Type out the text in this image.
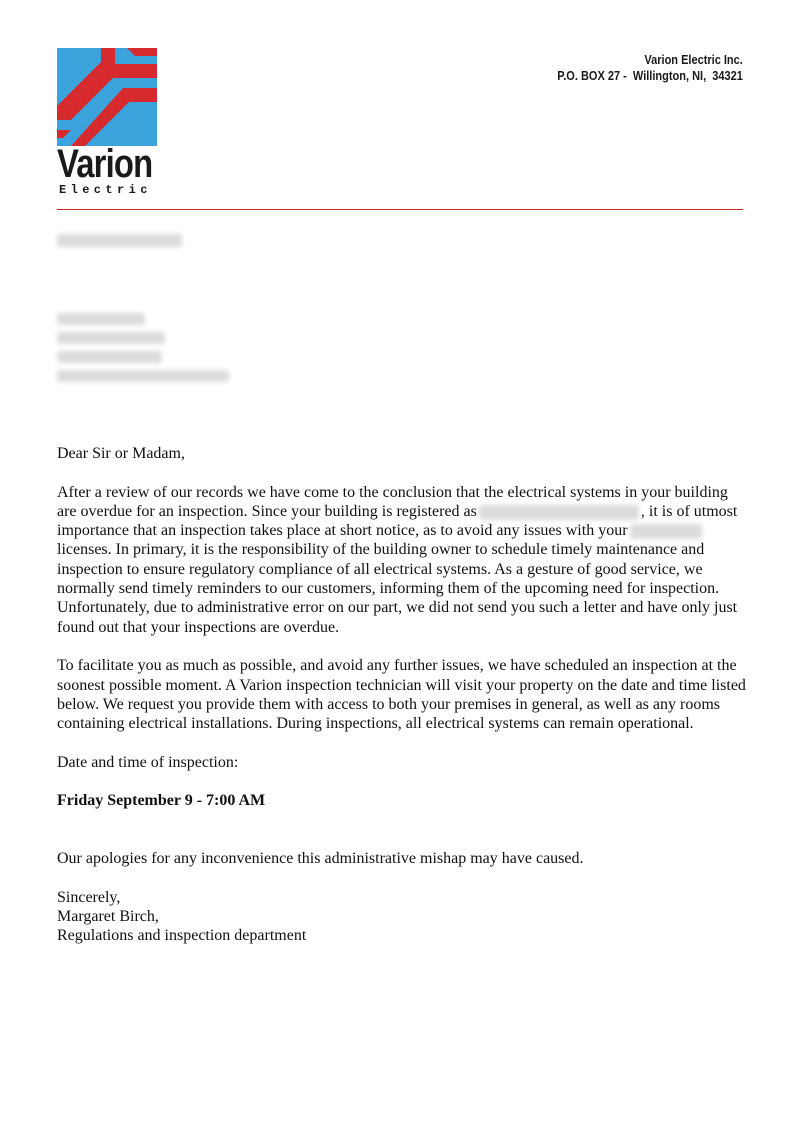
Varion
Electric
Varion Electric Inc.
P.O. BOX 27 -  Willington, NI,  34321

Dear Sir or Madam,

After a review of our records we have come to the conclusion that the electrical systems in your building are overdue for an inspection. Since your building is registered as	, it is of utmost importance that an inspection takes place at short notice, as to avoid any issues with your licenses. In primary, it is the responsibility of the building owner to schedule timely maintenance and inspection to ensure regulatory compliance of all electrical systems. As a gesture of good service, we normally send timely reminders to our customers, informing them of the upcoming need for inspection. Unfortunately, due to administrative error on our part, we did not send you such a letter and have only just found out that your inspections are overdue.

To facilitate you as much as possible, and avoid any further issues, we have scheduled an inspection at the soonest possible moment. A Varion inspection technician will visit your property on the date and time listed below. We request you provide them with access to both your premises in general, as well as any rooms containing electrical installations. During inspections, all electrical systems can remain operational.

Date and time of inspection:

Friday September 9 - 7:00 AM

Our apologies for any inconvenience this administrative mishap may have caused.

Sincerely,

Margaret Birch,

Regulations and inspection department
